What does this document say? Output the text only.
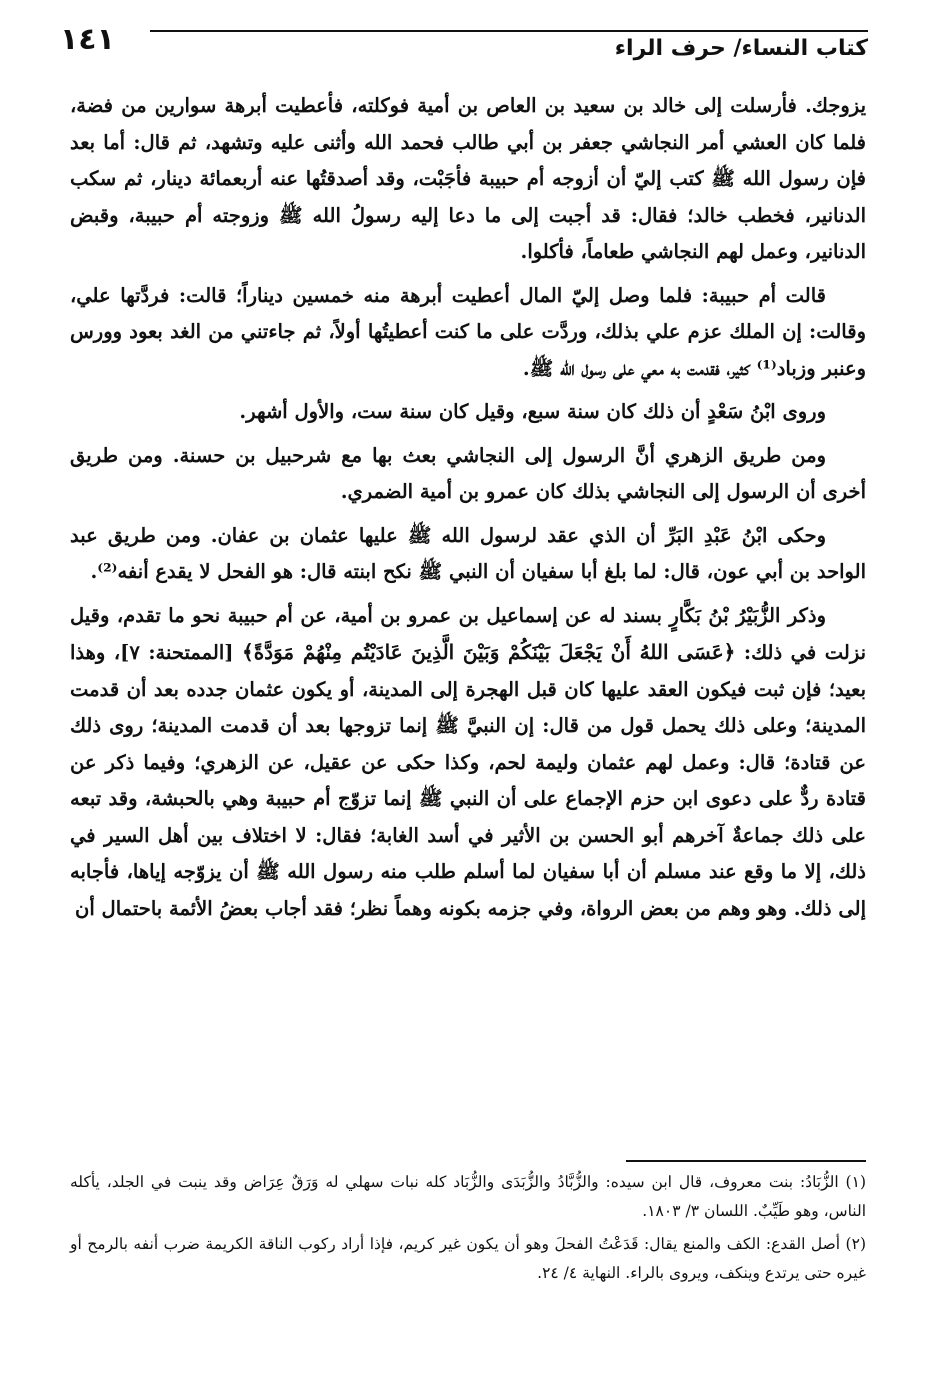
١٤١	كتاب النساء/ حرف الراء

يزوجك. فأرسلت إلى خالد بن سعيد بن العاص بن أمية فوكلته، فأعطيت أبرهة سوارين من فضة، فلما كان العشي أمر النجاشي جعفر بن أبي طالب فحمد الله وأثنى عليه وتشهد، ثم قال: أما بعد فإن رسول الله ﷺ كتب إليّ أن أزوجه أم حبيبة فأجَبْت، وقد أصدقتُها عنه أربعمائة دينار، ثم سكب الدنانير، فخطب خالد؛ فقال: قد أجبت إلى ما دعا إليه رسولُ الله ﷺ وزوجته أم حبيبة، وقبض الدنانير، وعمل لهم النجاشي طعاماً، فأكلوا.

قالت أم حبيبة: فلما وصل إليّ المال أعطيت أبرهة منه خمسين ديناراً؛ قالت: فردَّتها علي، وقالت: إن الملك عزم علي بذلك، وردَّت على ما كنت أعطيتُها أولاً، ثم جاءتني من الغد بعود وورس وعنبر وزباد⁽¹⁾ كثير، فقدمت به معي على رسول الله ﷺ.

وروى ابْنُ سَعْدٍ أن ذلك كان سنة سبع، وقيل كان سنة ست، والأول أشهر.

ومن طريق الزهري أنَّ الرسول إلى النجاشي بعث بها مع شرحبيل بن حسنة. ومن طريق أخرى أن الرسول إلى النجاشي بذلك كان عمرو بن أمية الضمري.

وحكى ابْنُ عَبْدِ البَرِّ أن الذي عقد لرسول الله ﷺ عليها عثمان بن عفان. ومن طريق عبد الواحد بن أبي عون، قال: لما بلغ أبا سفيان أن النبي ﷺ نكح ابنته قال: هو الفحل لا يقدع أنفه⁽²⁾.

وذكر الزُّبَيْرُ بْنُ بَكَّارٍ بسند له عن إسماعيل بن عمرو بن أمية، عن أم حبيبة نحو ما تقدم، وقيل نزلت في ذلك: ﴿عَسَى اللهُ أَنْ يَجْعَلَ بَيْنَكُمْ وَبَيْنَ الَّذِينَ عَادَيْتُم مِنْهُمْ مَوَدَّةً﴾ [الممتحنة: ٧]، وهذا بعيد؛ فإن ثبت فيكون العقد عليها كان قبل الهجرة إلى المدينة، أو يكون عثمان جدده بعد أن قدمت المدينة؛ وعلى ذلك يحمل قول من قال: إن النبيَّ ﷺ إنما تزوجها بعد أن قدمت المدينة؛ روى ذلك عن قتادة؛ قال: وعمل لهم عثمان وليمة لحم، وكذا حكى عن عقيل، عن الزهري؛ وفيما ذكر عن قتادة ردٌّ على دعوى ابن حزم الإجماع على أن النبي ﷺ إنما تزوّج أم حبيبة وهي بالحبشة، وقد تبعه على ذلك جماعةٌ آخرهم أبو الحسن بن الأثير في أسد الغابة؛ فقال: لا اختلاف بين أهل السير في ذلك، إلا ما وقع عند مسلم أن أبا سفيان لما أسلم طلب منه رسول الله ﷺ أن يزوّجه إياها، فأجابه إلى ذلك. وهو وهم من بعض الرواة، وفي جزمه بكونه وهماً نظر؛ فقد أجاب بعضُ الأئمة باحتمال أن

(١) الزُّبَادُ: بنت معروف، قال ابن سيده: والزُّبَّادُ والزُّبَدَى والزُّبَاد كله نبات سهلي له وَرَقٌ عِرَاض وقد ينبت في الجلد، يأكله الناس، وهو طَيِّبٌ. اللسان ٣/ ١٨٠٣.

(٢) أصل القدع: الكف والمنع يقال: قَدَعْتُ الفحلَ وهو أن يكون غير كريم، فإذا أراد ركوب الناقة الكريمة ضرب أنفه بالرمح أو غيره حتى يرتدع وينكف، ويروى بالراء. النهاية ٤/ ٢٤.
